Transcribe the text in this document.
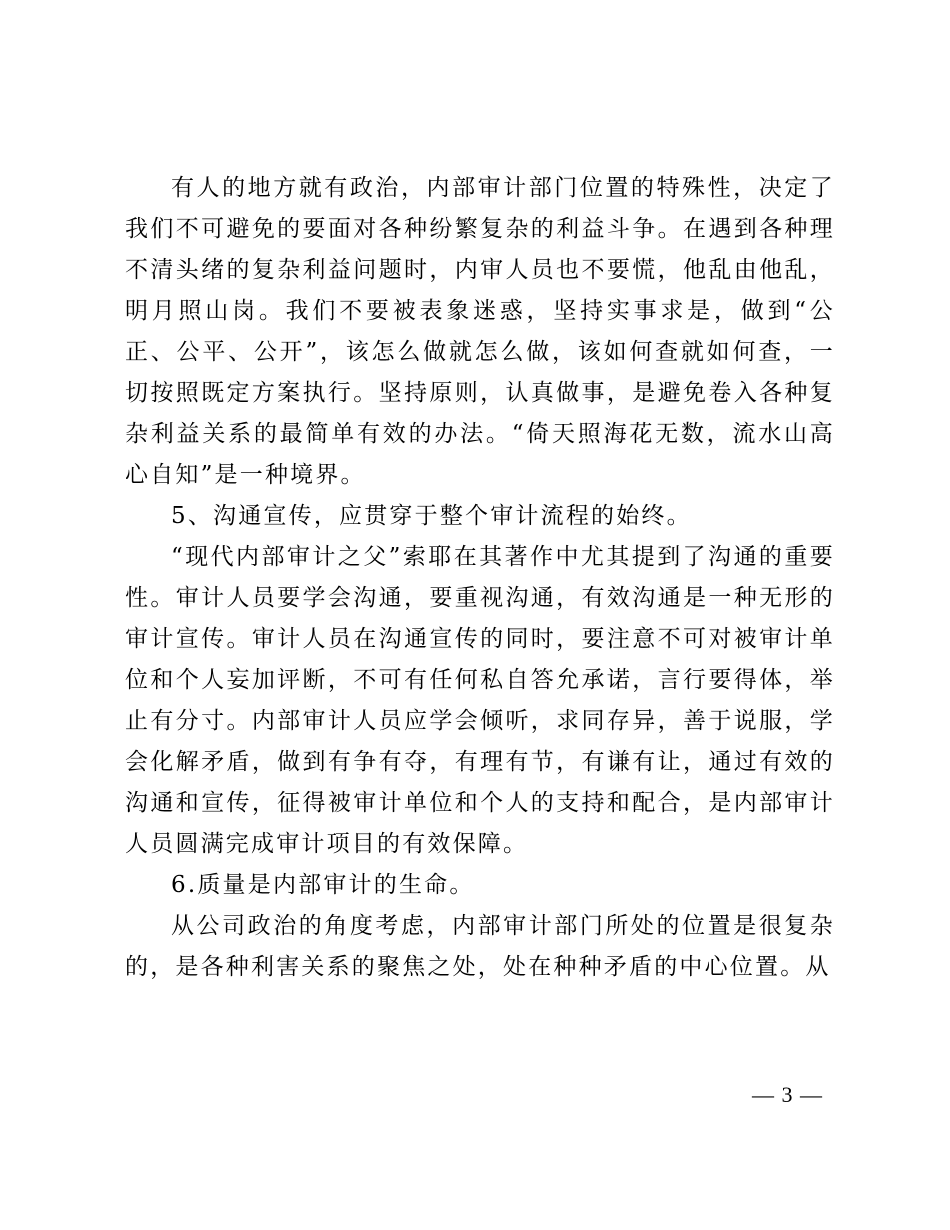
有人的地方就有政治，内部审计部门位置的特殊性，决定了我们不可避免的要面对各种纷繁复杂的利益斗争。在遇到各种理不清头绪的复杂利益问题时，内审人员也不要慌，他乱由他乱，明月照山岗。我们不要被表象迷惑，坚持实事求是，做到“公正、公平、公开”，该怎么做就怎么做，该如何查就如何查，一切按照既定方案执行。坚持原则，认真做事，是避免卷入各种复杂利益关系的最简单有效的办法。“倚天照海花无数，流水山高心自知”是一种境界。

5、沟通宣传，应贯穿于整个审计流程的始终。

“现代内部审计之父”索耶在其著作中尤其提到了沟通的重要性。审计人员要学会沟通，要重视沟通，有效沟通是一种无形的审计宣传。审计人员在沟通宣传的同时，要注意不可对被审计单位和个人妄加评断，不可有任何私自答允承诺，言行要得体，举止有分寸。内部审计人员应学会倾听，求同存异，善于说服，学会化解矛盾，做到有争有夺，有理有节，有谦有让，通过有效的沟通和宣传，征得被审计单位和个人的支持和配合，是内部审计人员圆满完成审计项目的有效保障。

6.质量是内部审计的生命。

从公司政治的角度考虑，内部审计部门所处的位置是很复杂的，是各种利害关系的聚焦之处，处在种种矛盾的中心位置。从

— 3 —
